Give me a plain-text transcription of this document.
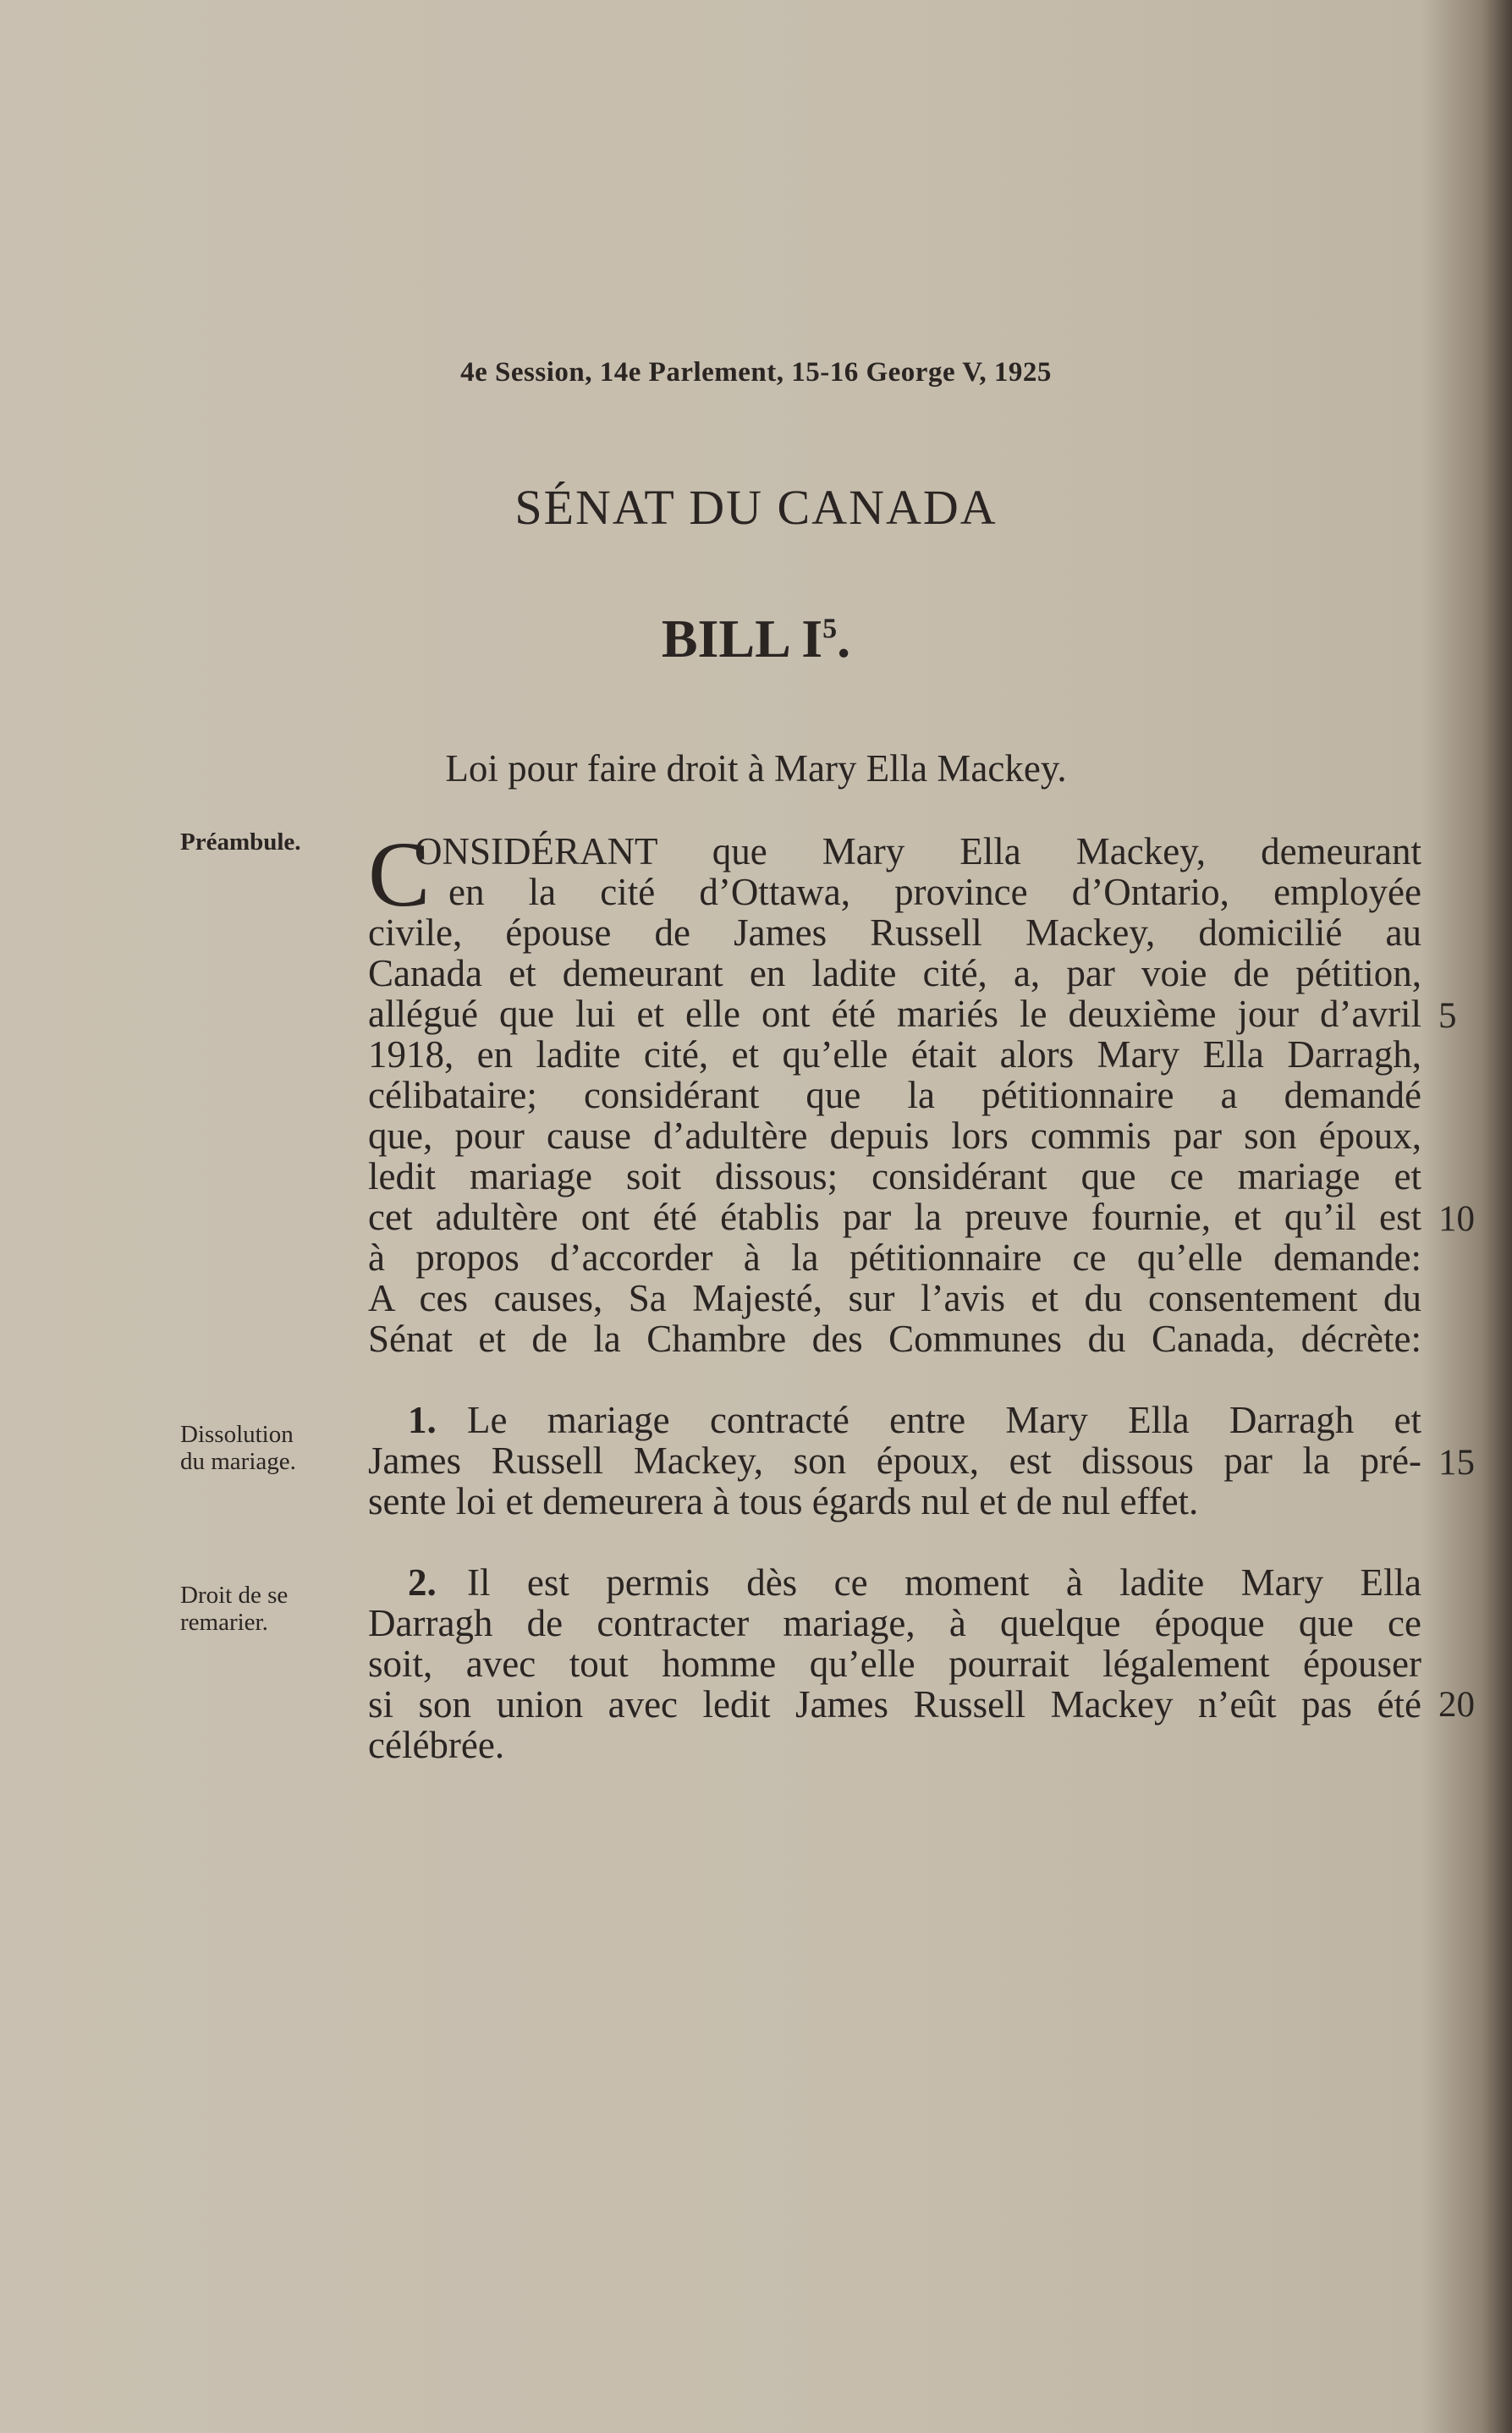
4e Session, 14e Parlement, 15-16 George V, 1925
SÉNAT DU CANADA
BILL $I^5$.
Loi pour faire droit à Mary Ella Mackey.
Préambule.
Dissolution
du mariage.
Droit de se
remarier.
C
ONSIDÉRANT que Mary Ella Mackey, demeurant
en la cité d’Ottawa, province d’Ontario, employée
civile, épouse de James Russell Mackey, domicilié au
Canada et demeurant en ladite cité, a, par voie de pétition,
allégué que lui et elle ont été mariés le deuxième jour d’avril
1918, en ladite cité, et qu’elle était alors Mary Ella Darragh,
célibataire; considérant que la pétitionnaire a demandé
que, pour cause d’adultère depuis lors commis par son époux,
ledit mariage soit dissous; considérant que ce mariage et
cet adultère ont été établis par la preuve fournie, et qu’il est
à propos d’accorder à la pétitionnaire ce qu’elle demande:
A ces causes, Sa Majesté, sur l’avis et du consentement du
Sénat et de la Chambre des Communes du Canada, décrète:
1. Le mariage contracté entre Mary Ella Darragh et
James Russell Mackey, son époux, est dissous par la pré-
sente loi et demeurera à tous égards nul et de nul effet.
2. Il est permis dès ce moment à ladite Mary Ella
Darragh de contracter mariage, à quelque époque que ce
soit, avec tout homme qu’elle pourrait légalement épouser
si son union avec ledit James Russell Mackey n’eût pas été
célébrée.
5
10
15
20
